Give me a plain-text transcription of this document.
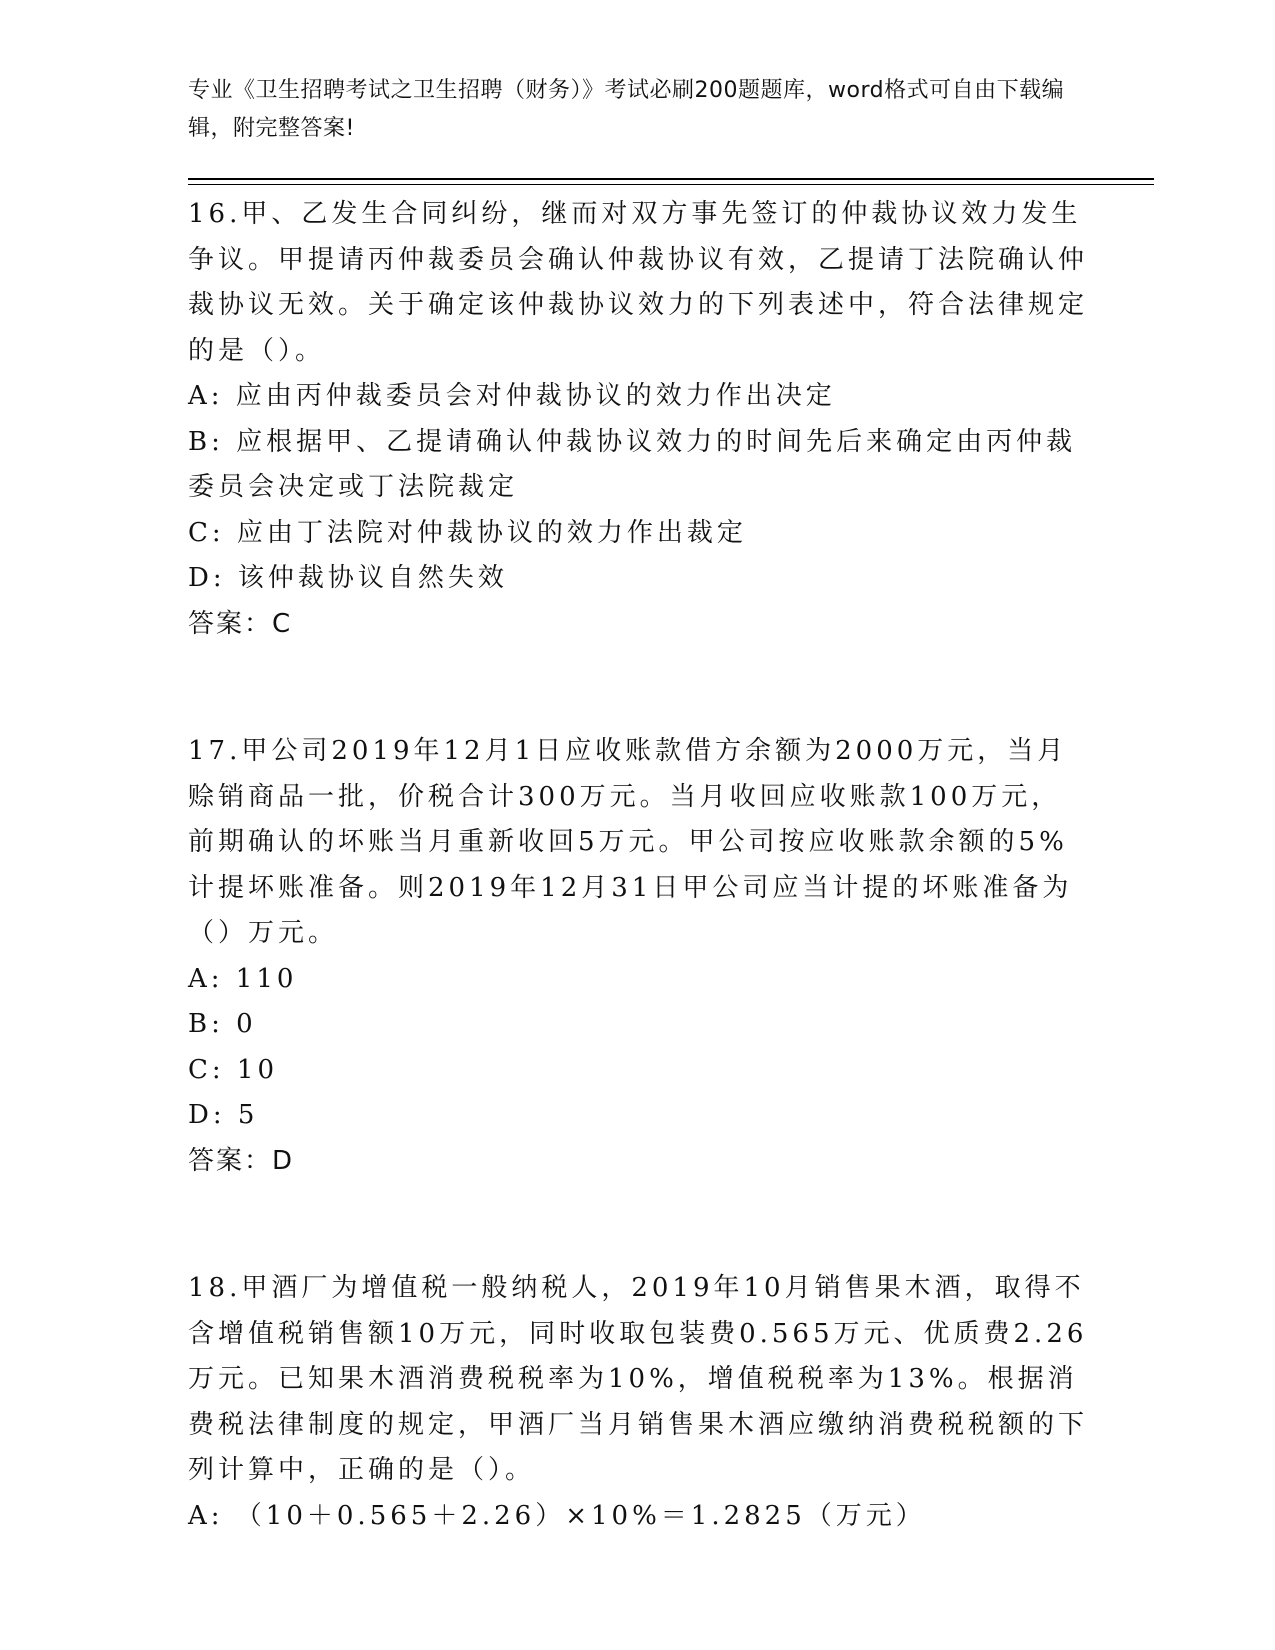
专业《卫生招聘考试之卫生招聘（财务）》考试必刷200题题库，word格式可自由下载编辑，附完整答案!

16.甲、乙发生合同纠纷，继而对双方事先签订的仲裁协议效力发生争议。甲提请丙仲裁委员会确认仲裁协议有效，乙提请丁法院确认仲裁协议无效。关于确定该仲裁协议效力的下列表述中，符合法律规定的是（）。

A: 应由丙仲裁委员会对仲裁协议的效力作出决定

B: 应根据甲、乙提请确认仲裁协议效力的时间先后来确定由丙仲裁委员会决定或丁法院裁定

C: 应由丁法院对仲裁协议的效力作出裁定

D: 该仲裁协议自然失效

答案：C

17.甲公司2019年12月1日应收账款借方余额为2000万元，当月赊销商品一批，价税合计300万元。当月收回应收账款100万元，前期确认的坏账当月重新收回5万元。甲公司按应收账款余额的5%计提坏账准备。则2019年12月31日甲公司应当计提的坏账准备为（）万元。

A: 110

B: 0

C: 10

D: 5

答案：D

18.甲酒厂为增值税一般纳税人，2019年10月销售果木酒，取得不含增值税销售额10万元，同时收取包装费0.565万元、优质费2.26万元。已知果木酒消费税税率为10%，增值税税率为13%。根据消费税法律制度的规定，甲酒厂当月销售果木酒应缴纳消费税税额的下列计算中，正确的是（）。

A: （10＋0.565＋2.26）×10%＝1.2825（万元）
